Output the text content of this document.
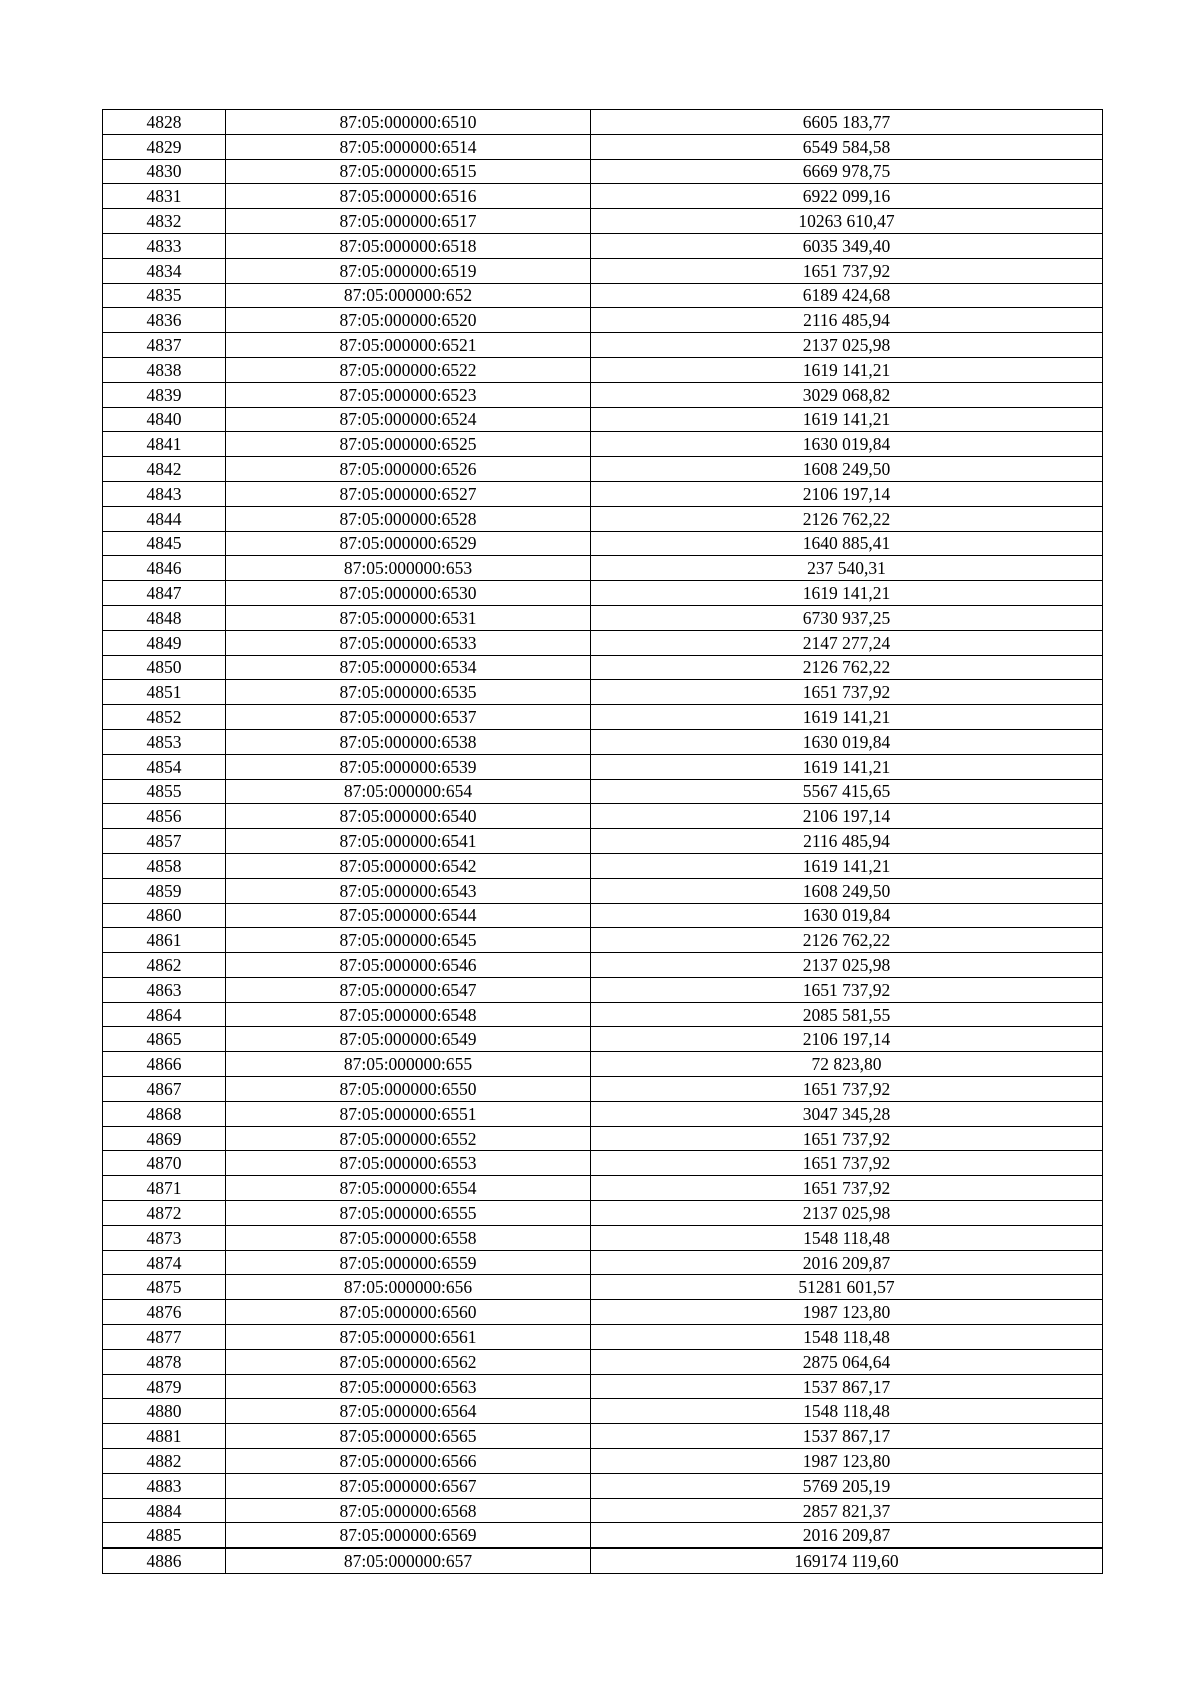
4828	87:05:000000:6510	6605 183,77
4829	87:05:000000:6514	6549 584,58
4830	87:05:000000:6515	6669 978,75
4831	87:05:000000:6516	6922 099,16
4832	87:05:000000:6517	10263 610,47
4833	87:05:000000:6518	6035 349,40
4834	87:05:000000:6519	1651 737,92
4835	87:05:000000:652	6189 424,68
4836	87:05:000000:6520	2116 485,94
4837	87:05:000000:6521	2137 025,98
4838	87:05:000000:6522	1619 141,21
4839	87:05:000000:6523	3029 068,82
4840	87:05:000000:6524	1619 141,21
4841	87:05:000000:6525	1630 019,84
4842	87:05:000000:6526	1608 249,50
4843	87:05:000000:6527	2106 197,14
4844	87:05:000000:6528	2126 762,22
4845	87:05:000000:6529	1640 885,41
4846	87:05:000000:653	237 540,31
4847	87:05:000000:6530	1619 141,21
4848	87:05:000000:6531	6730 937,25
4849	87:05:000000:6533	2147 277,24
4850	87:05:000000:6534	2126 762,22
4851	87:05:000000:6535	1651 737,92
4852	87:05:000000:6537	1619 141,21
4853	87:05:000000:6538	1630 019,84
4854	87:05:000000:6539	1619 141,21
4855	87:05:000000:654	5567 415,65
4856	87:05:000000:6540	2106 197,14
4857	87:05:000000:6541	2116 485,94
4858	87:05:000000:6542	1619 141,21
4859	87:05:000000:6543	1608 249,50
4860	87:05:000000:6544	1630 019,84
4861	87:05:000000:6545	2126 762,22
4862	87:05:000000:6546	2137 025,98
4863	87:05:000000:6547	1651 737,92
4864	87:05:000000:6548	2085 581,55
4865	87:05:000000:6549	2106 197,14
4866	87:05:000000:655	72 823,80
4867	87:05:000000:6550	1651 737,92
4868	87:05:000000:6551	3047 345,28
4869	87:05:000000:6552	1651 737,92
4870	87:05:000000:6553	1651 737,92
4871	87:05:000000:6554	1651 737,92
4872	87:05:000000:6555	2137 025,98
4873	87:05:000000:6558	1548 118,48
4874	87:05:000000:6559	2016 209,87
4875	87:05:000000:656	51281 601,57
4876	87:05:000000:6560	1987 123,80
4877	87:05:000000:6561	1548 118,48
4878	87:05:000000:6562	2875 064,64
4879	87:05:000000:6563	1537 867,17
4880	87:05:000000:6564	1548 118,48
4881	87:05:000000:6565	1537 867,17
4882	87:05:000000:6566	1987 123,80
4883	87:05:000000:6567	5769 205,19
4884	87:05:000000:6568	2857 821,37
4885	87:05:000000:6569	2016 209,87
4886	87:05:000000:657	169174 119,60
